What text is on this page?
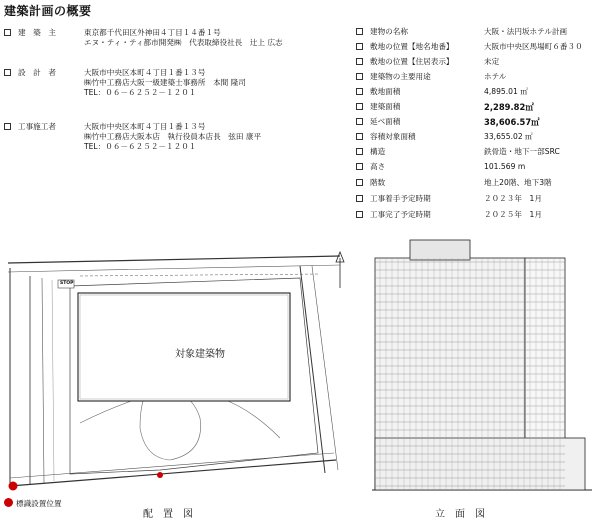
建築計画の概要
建　築　主	東京都千代田区外神田４丁目１４番１号
エヌ・ティ・ティ都市開発㈱　代表取締役社長　辻上 広志
設　計　者	大阪市中央区本町４丁目１番１３号
㈱竹中工務店大阪一級建築士事務所　本間 隆司
TEL：０６－６２５２－１２０１
工事施工者	大阪市中央区本町４丁目１番１３号
㈱竹中工務店大阪本店　執行役員本店長　弦田 康平
TEL：０６－６２５２－１２０１
建物の名称	大阪・法円坂ホテル計画
敷地の位置【地名地番】	大阪市中央区馬場町６番３０
敷地の位置【住居表示】	未定
建築物の主要用途	ホテル
敷地面積	4,895.01 ㎡
建築面積	2,289.82㎡
延べ面積	38,606.57㎡
容積対象面積	33,655.02 ㎡
構造	鉄骨造・地下一部SRC
高さ	101.569 m
階数	地上20階、地下3階
工事着手予定時期	２０２３年　1月
工事完了予定時期	２０２５年　1月
対象建築物
STOP
標識設置位置
配置図	立面図
